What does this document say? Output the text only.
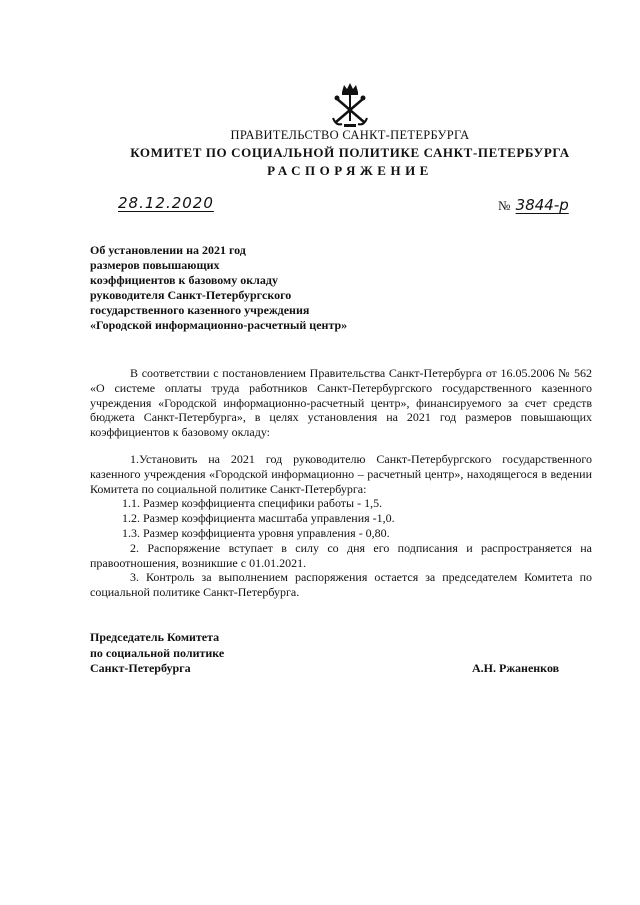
ПРАВИТЕЛЬСТВО САНКТ-ПЕТЕРБУРГА
КОМИТЕТ ПО СОЦИАЛЬНОЙ ПОЛИТИКЕ САНКТ-ПЕТЕРБУРГА
РАСПОРЯЖЕНИЕ
28.12.2020	№ 3844-р
Об установлении на 2021 год
размеров повышающих
коэффициентов к базовому окладу
руководителя Санкт-Петербургского
государственного казенного учреждения
«Городской информационно-расчетный центр»

В соответствии с постановлением Правительства Санкт-Петербурга от 16.05.2006 № 562 «О системе оплаты труда работников Санкт-Петербургского государственного казенного учреждения «Городской информационно-расчетный центр», финансируемого за счет средств бюджета Санкт-Петербурга», в целях установления на 2021 год размеров повышающих коэффициентов к базовому окладу:

1.Установить на 2021 год руководителю Санкт-Петербургского государственного казенного учреждения «Городской информационно – расчетный центр», находящегося в ведении Комитета по социальной политике Санкт-Петербурга:

1.1. Размер коэффициента специфики работы - 1,5.

1.2. Размер коэффициента масштаба управления -1,0.

1.3. Размер коэффициента уровня управления - 0,80.

2. Распоряжение вступает в силу со дня его подписания и распространяется на правоотношения, возникшие с 01.01.2021.

3. Контроль за выполнением распоряжения остается за председателем Комитета по социальной политике Санкт-Петербурга.

Председатель Комитета
по социальной политике
Санкт-Петербурга	А.Н. Ржаненков
